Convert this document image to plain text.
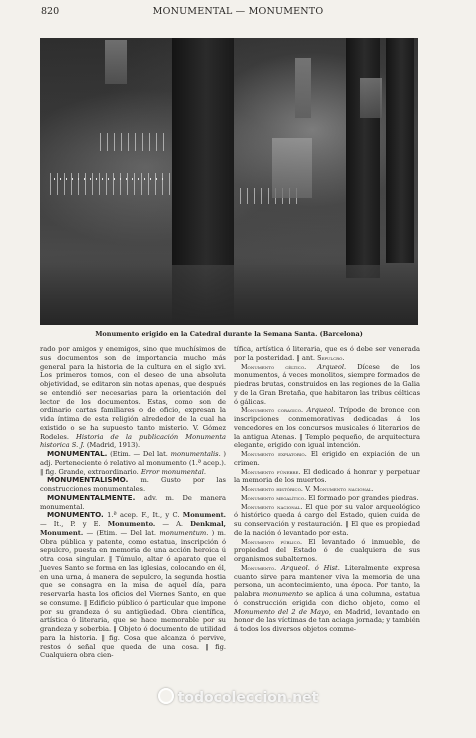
820	MONUMENTAL — MONUMENTO
Monumento erigido en la Catedral durante la Semana Santa. (Barcelona)

rado por amigos y enemigos, sino que muchísimos de sus documentos son de importancia mucho más general para la historia de la cultura en el siglo xvi. Los primeros tomos, con el deseo de una absoluta objetividad, se editaron sin notas apenas, que después se entendió ser necesarias para la orientación del lector de los documentos. Estas, como son de ordinario cartas familiares o de oficio, expresan la vida íntima de esta religión alrededor de la cual ha existido o se ha supuesto tanto misterio. V. Gómez Rodeles. Historia de la publicación Monumenta historica S. J. (Madrid, 1913).

MONUMENTAL. (Etim. — Del lat. monumentalis. ) adj. Perteneciente ó relativo al monumento (1.ª acep.). ‖ fig. Grande, extraordinario. Error monumental.

MONUMENTALISMO. m. Gusto por las construcciones monumentales.

MONUMENTALMENTE. adv. m. De manera monumental.

MONUMENTO. 1.ª acep. F., It., y C. Monument. — It., P. y E. Monumento. — A. Denkmal, Monument. — (Etim. — Del lat. monumentum. ) m. Obra pública y patente, como estatua, inscripción ó sepulcro, puesta en memoria de una acción heroica ú otra cosa singular. ‖ Túmulo, altar ó aparato que el Jueves Santo se forma en las iglesias, colocando en él, en una urna, á manera de sepulcro, la segunda hostia que se consagra en la misa de aquel día, para reservarla hasta los oficios del Viernes Santo, en que se consume. ‖ Edificio público ó particular que impone por su grandeza ó su antigüedad. Obra científica, artística ó literaria, que se hace memorable por su grandeza y soberbia. ‖ Objeto ó documento de utilidad para la historia. ‖ fig. Cosa que alcanza ó pervive, restos ó señal que queda de una cosa. ‖ fig. Cualquiera obra cien-

tífica, artística ó literaria, que es ó debe ser venerada por la posteridad. ‖ ant. Sepulcro.

Monumento céltico. Arqueol. Dícese de los monumentos, á veces monolitos, siempre formados de piedras brutas, construidos en las regiones de la Galia y de la Gran Bretaña, que habitaron las tribus célticas ó gálicas.

Monumento coragico. Arqueol. Trípode de bronce con inscripciones conmemorativas dedicadas á los vencedores en los concursos musicales ó literarios de la antigua Atenas. ‖ Templo pequeño, de arquitectura elegante, erigido con igual intención.

Monumento expiatorio. El erigido en expiación de un crimen.

Monumento fúnebre. El dedicado á honrar y perpetuar la memoria de los muertos.

Monumento histórico. V. Monumento nacional.

Monumento megalítico. El formado por grandes piedras.

Monumento nacional. El que por su valor arqueológico ó histórico queda á cargo del Estado, quien cuida de su conservación y restauración. ‖ El que es propiedad de la nación ó levantado por esta.

Monumento público. El levantado ó inmueble, de propiedad del Estado ó de cualquiera de sus organismos subalternos.

Monumento. Arqueol. ó Hist. Literalmente expresa cuanto sirve para mantener viva la memoria de una persona, un acontecimiento, una época. Por tanto, la palabra monumento se aplica á una columna, estatua ó construcción erigida con dicho objeto, como el Monumento del 2 de Mayo, en Madrid, levantado en honor de las víctimas de tan aciaga jornada; y también á todos los diversos objetos comme-

todocoleccion.net
